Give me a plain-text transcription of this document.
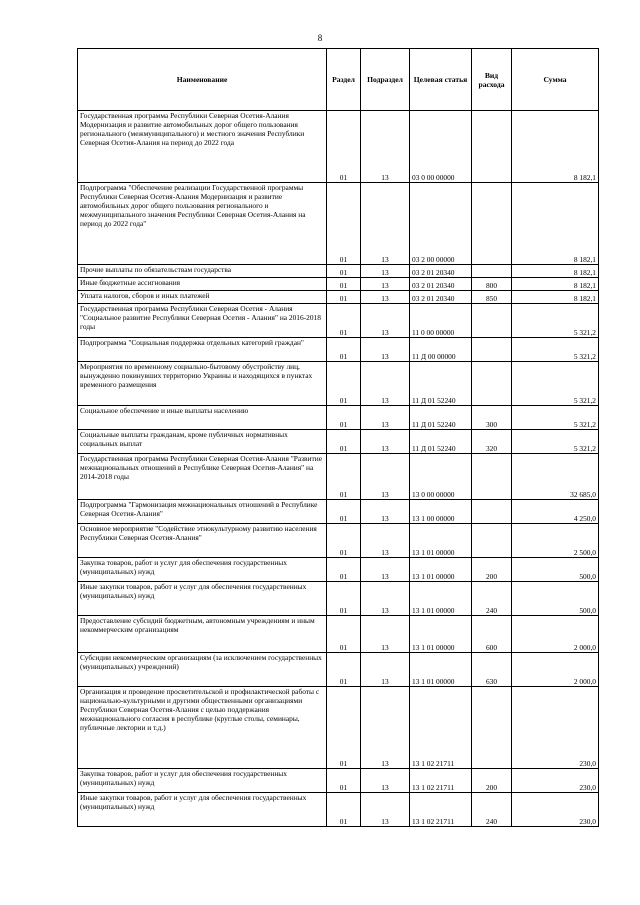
8
Наименование	Раздел	Подраздел	Целевая статья	Вид расхода	Сумма
Государственная программа Республики Северная Осетия-Алания Модернизация и развитие автомобильных дорог общего пользования регионального (межмуниципального) и местного значения Республики Северная Осетия-Алания на период до 2022 года	01	13	03 0 00 00000		8 182,1
Подпрограмма "Обеспечение реализации Государственной программы Республики Северная Осетия-Алания Модернизация и развитие автомобильных дорог общего пользования регионального и межмуниципального значения Республики Северная Осетия-Алания на период до 2022 года"	01	13	03 2 00 00000		8 182,1
Прочие выплаты по обязательствам государства	01	13	03 2 01 20340		8 182,1
Иные бюджетные ассигнования	01	13	03 2 01 20340	800	8 182,1
Уплата налогов, сборов и иных платежей	01	13	03 2 01 20340	850	8 182,1
Государственная программа Республики Северная Осетия - Алания "Социальное развитие Республики Северная Осетия - Алания" на 2016-2018 годы	01	13	11 0 00 00000		5 321,2
Подпрограмма "Социальная поддержка отдельных категорий граждан"	01	13	11 Д 00 00000		5 321,2
Мероприятия по временному социально-бытовому обустройству лиц, вынужденно покинувших территорию Украины и находящихся в пунктах временного размещения	01	13	11 Д 01 52240		5 321,2
Социальное обеспечение и иные выплаты населению	01	13	11 Д 01 52240	300	5 321,2
Социальные выплаты гражданам, кроме публичных нормативных социальных выплат	01	13	11 Д 01 52240	320	5 321,2
Государственная программа Республики Северная Осетия-Алания "Развитие межнациональных отношений в Республике Северная Осетия-Алания" на 2014-2018 годы	01	13	13 0 00 00000		32 685,0
Подпрограмма "Гармонизация межнациональных отношений в Республике Северная Осетия-Алания"	01	13	13 1 00 00000		4 250,0
Основное мероприятие "Содействие этнокультурному развитию населения Республики Северная Осетия-Алания"	01	13	13 1 01 00000		2 500,0
Закупка товаров, работ и услуг для обеспечения государственных (муниципальных) нужд	01	13	13 1 01 00000	200	500,0
Иные закупки товаров, работ и услуг для обеспечения государственных (муниципальных) нужд	01	13	13 1 01 00000	240	500,0
Предоставление субсидий бюджетным, автономным учреждениям и иным некоммерческим организациям	01	13	13 1 01 00000	600	2 000,0
Субсидии некоммерческим организациям (за исключением государственных (муниципальных) учреждений)	01	13	13 1 01 00000	630	2 000,0
Организация и проведение просветительской и профилактической работы с национально-культурными и другими общественными организациями Республики Северная Осетия-Алания с целью поддержания межнационального согласия в республике (круглые столы, семинары, публичные лектории и т.д.)	01	13	13 1 02 21711		230,0
Закупка товаров, работ и услуг для обеспечения государственных (муниципальных) нужд	01	13	13 1 02 21711	200	230,0
Иные закупки товаров, работ и услуг для обеспечения государственных (муниципальных) нужд	01	13	13 1 02 21711	240	230,0
